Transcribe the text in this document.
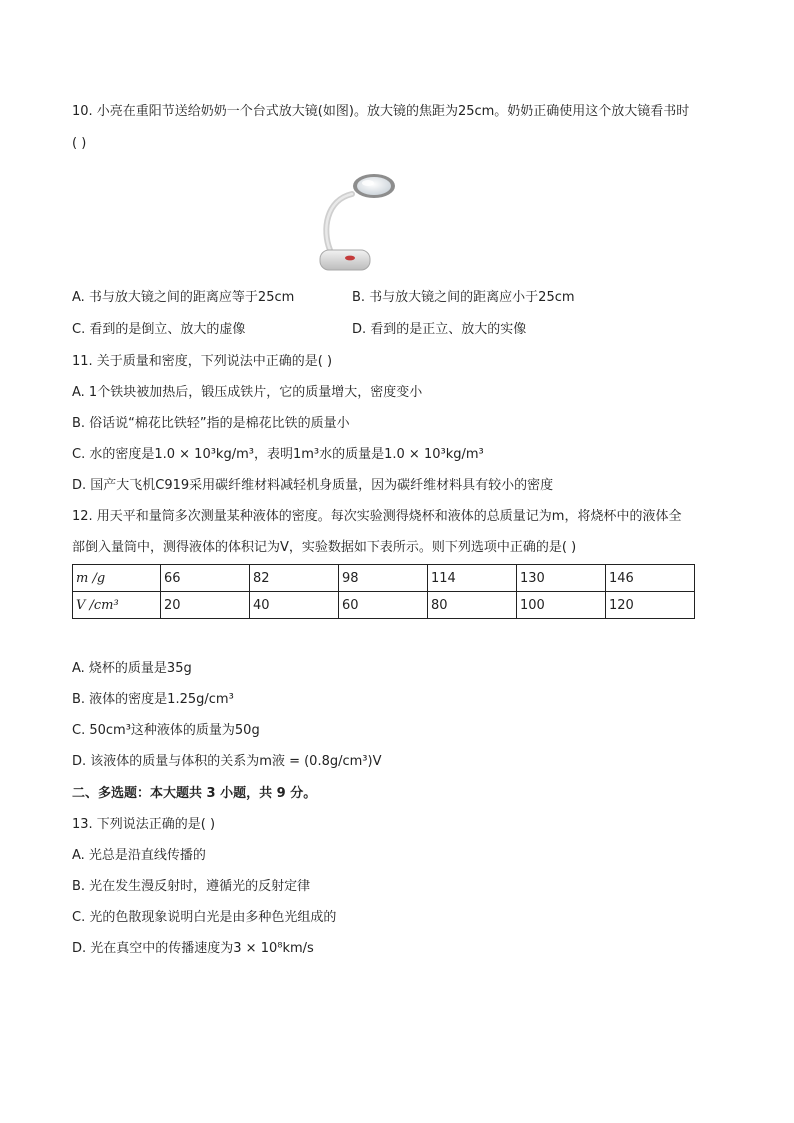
10. 小亮在重阳节送给奶奶一个台式放大镜(如图)。放大镜的焦距为25cm。奶奶正确使用这个放大镜看书时
( )
A. 书与放大镜之间的距离应等于25cm	B. 书与放大镜之间的距离应小于25cm
C. 看到的是倒立、放大的虚像	D. 看到的是正立、放大的实像
11. 关于质量和密度，下列说法中正确的是( )
A. 1个铁块被加热后，锻压成铁片，它的质量增大，密度变小
B. 俗话说“棉花比铁轻”指的是棉花比铁的质量小
C. 水的密度是1.0 × 10³kg/m³，表明1m³水的质量是1.0 × 10³kg/m³
D. 国产大飞机C919采用碳纤维材料减轻机身质量，因为碳纤维材料具有较小的密度
12. 用天平和量筒多次测量某种液体的密度。每次实验测得烧杯和液体的总质量记为m，将烧杯中的液体全
部倒入量筒中，测得液体的体积记为V，实验数据如下表所示。则下列选项中正确的是( )
m /g	66	82	98	114	130	146
V /cm³	20	40	60	80	100	120
A. 烧杯的质量是35g
B. 液体的密度是1.25g/cm³
C. 50cm³这种液体的质量为50g
D. 该液体的质量与体积的关系为m液 = (0.8g/cm³)V
二、多选题：本大题共 3 小题，共 9 分。
13. 下列说法正确的是( )
A. 光总是沿直线传播的
B. 光在发生漫反射时，遵循光的反射定律
C. 光的色散现象说明白光是由多种色光组成的
D. 光在真空中的传播速度为3 × 10⁸km/s
